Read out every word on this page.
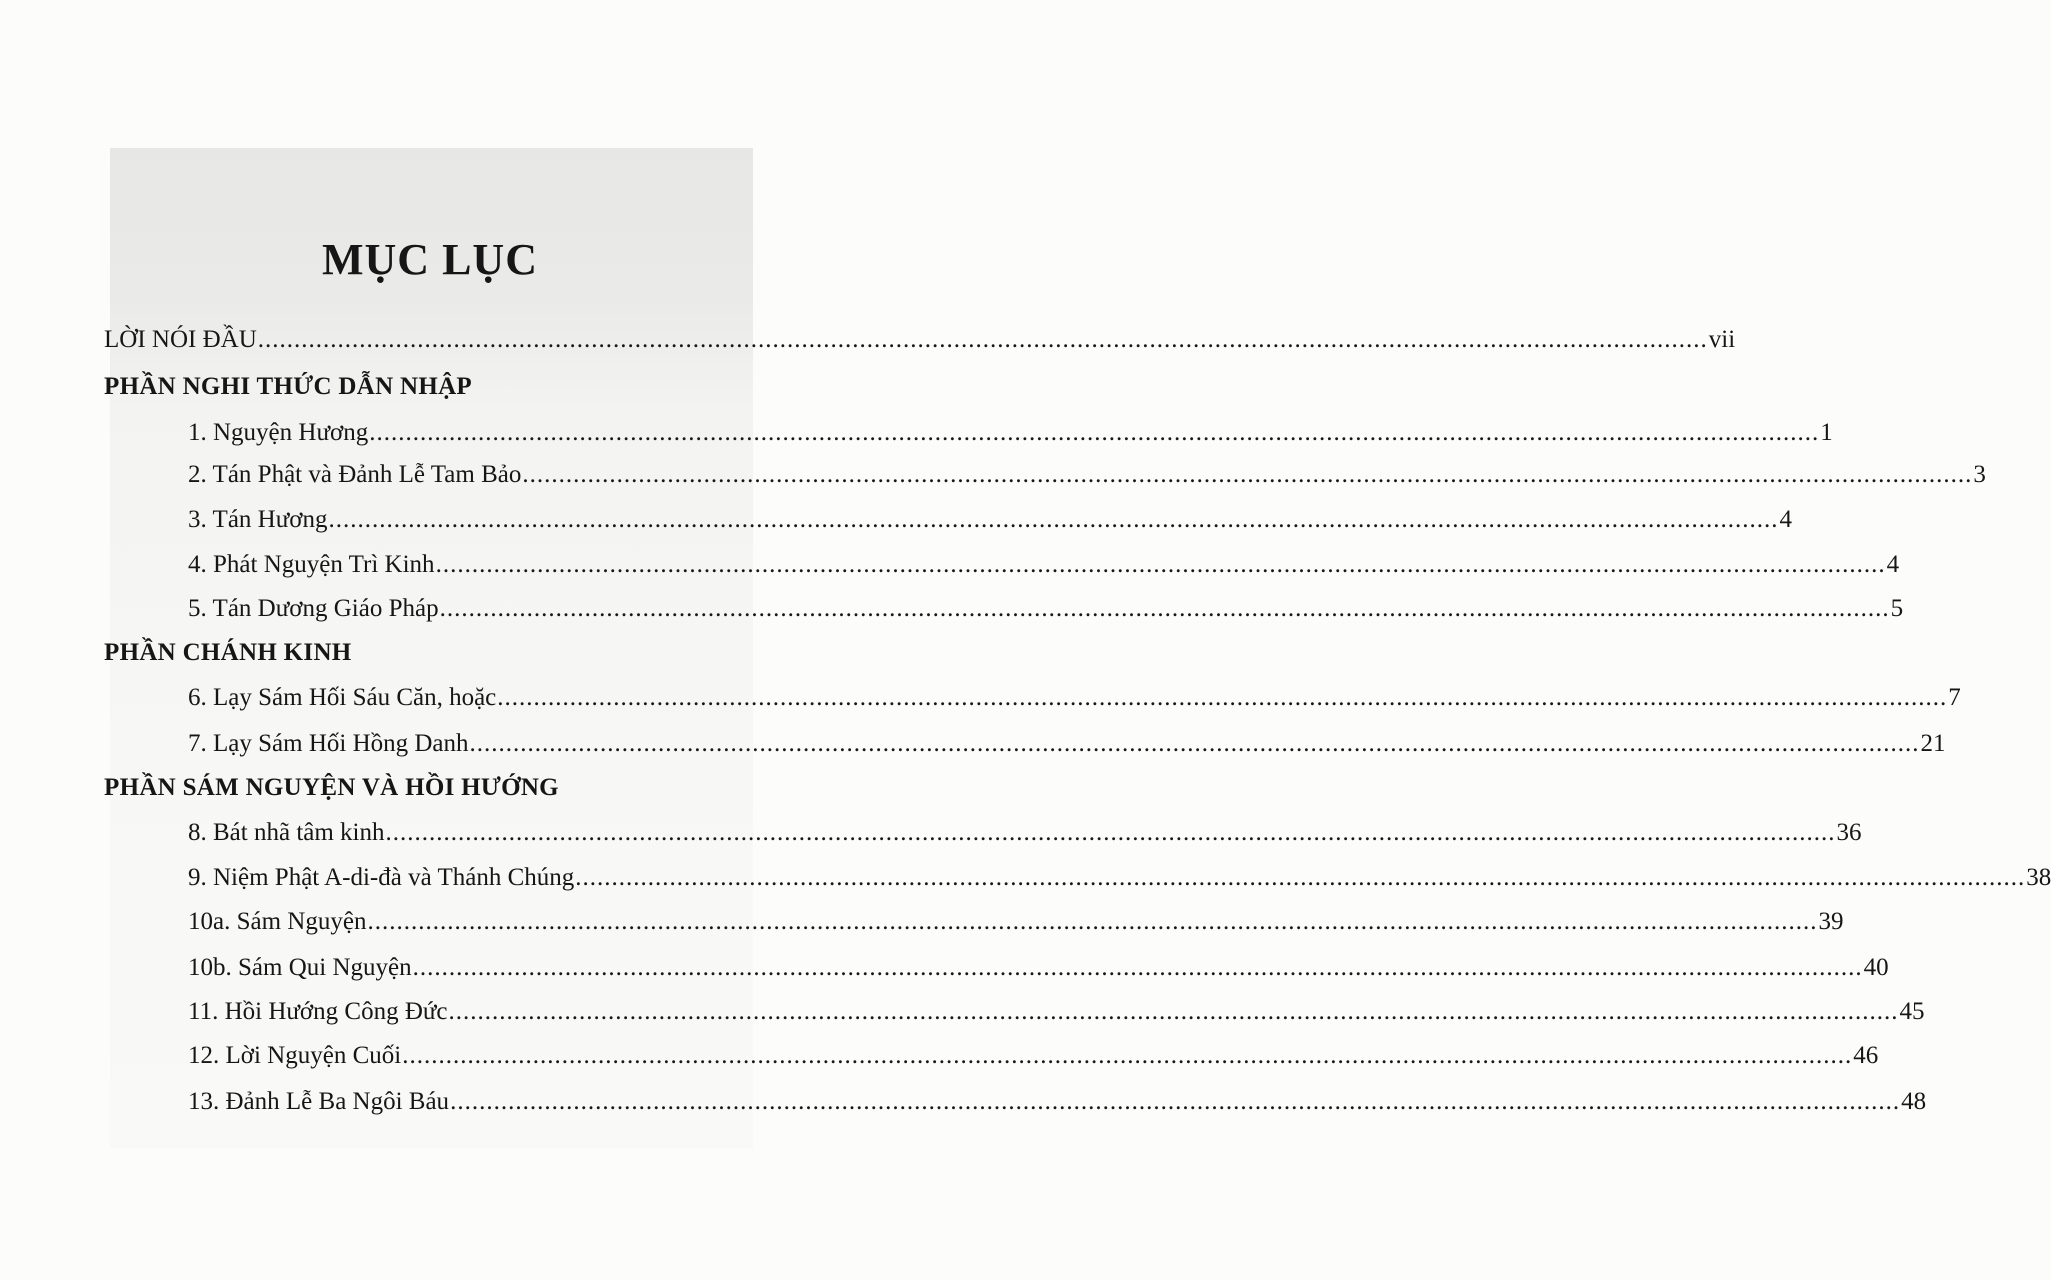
MỤC LỤC
LỜI NÓI ĐẦU ........................................................................................................................................................................................................ vii
PHẦN NGHI THỨC DẪN NHẬP
1. Nguyện Hương ........................................................................................................................................................................................................ 1
2. Tán Phật và Đảnh Lễ Tam Bảo ........................................................................................................................................................................................................ 3
3. Tán Hương ........................................................................................................................................................................................................ 4
4. Phát Nguyện Trì Kinh ........................................................................................................................................................................................................ 4
5. Tán Dương Giáo Pháp ........................................................................................................................................................................................................ 5
PHẦN CHÁNH KINH
6. Lạy Sám Hối Sáu Căn, hoặc ........................................................................................................................................................................................................ 7
7. Lạy Sám Hối Hồng Danh ........................................................................................................................................................................................................ 21
PHẦN SÁM NGUYỆN VÀ HỒI HƯỚNG
8. Bát nhã tâm kinh ........................................................................................................................................................................................................ 36
9. Niệm Phật A-di-đà và Thánh Chúng ........................................................................................................................................................................................................ 38
10a. Sám Nguyện ........................................................................................................................................................................................................ 39
10b. Sám Qui Nguyện ........................................................................................................................................................................................................ 40
11. Hồi Hướng Công Đức ........................................................................................................................................................................................................ 45
12. Lời Nguyện Cuối ........................................................................................................................................................................................................ 46
13. Đảnh Lễ Ba Ngôi Báu ........................................................................................................................................................................................................ 48
